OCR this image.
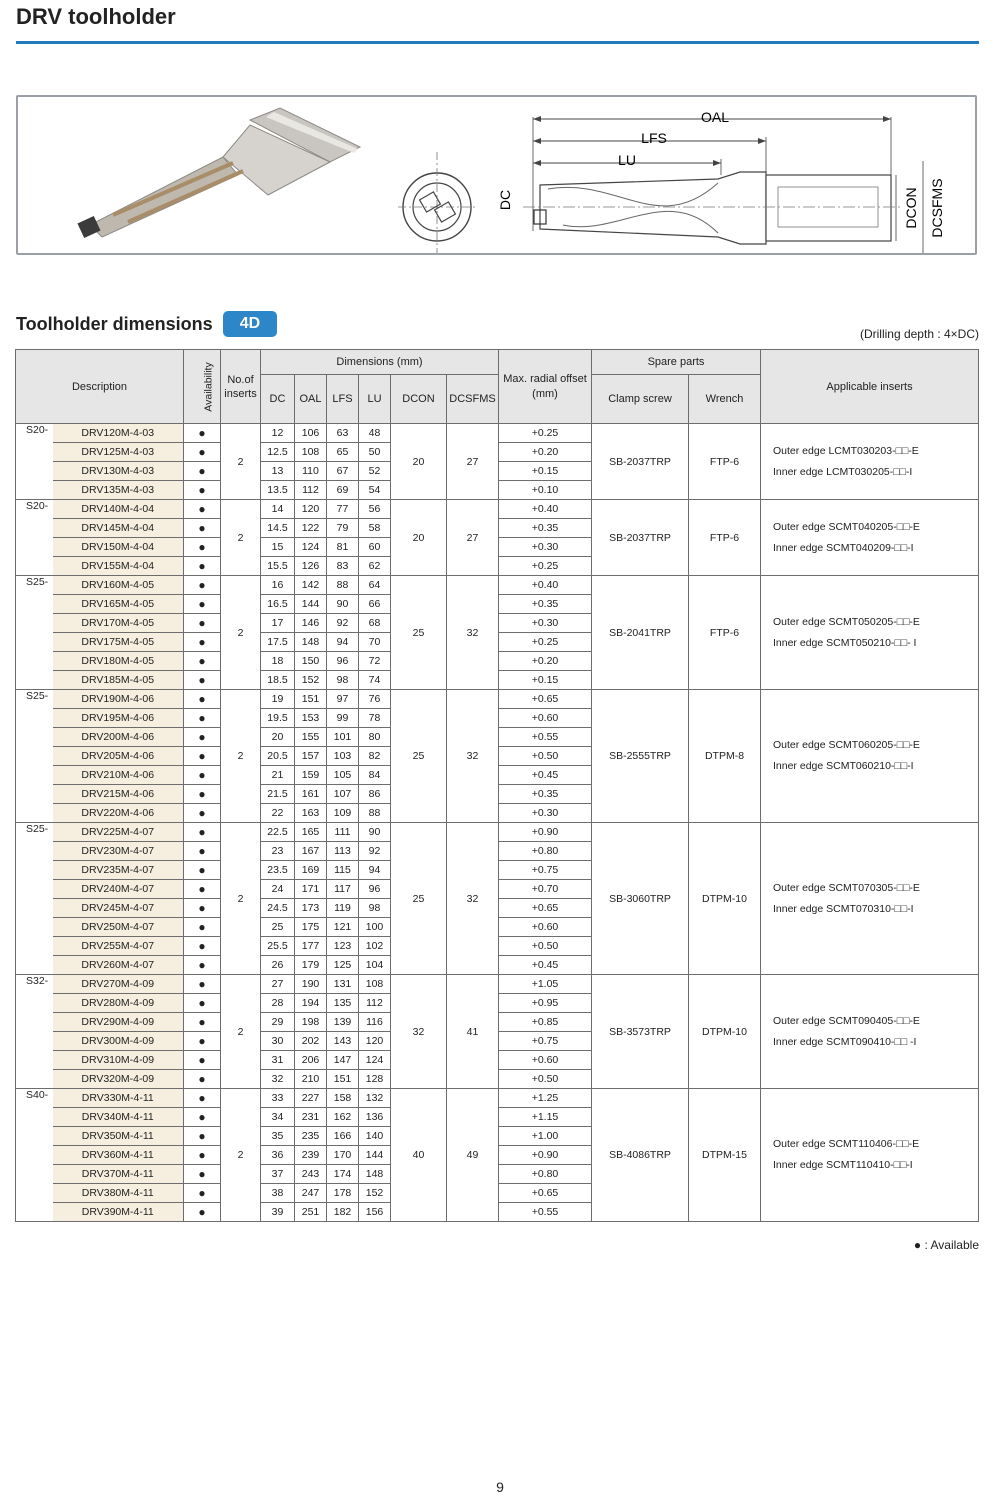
DRV toolholder
OAL
LFS
LU
DC	DCON DCSFMS
Toolholder dimensions	4D
(Drilling depth : 4×DC)
Description		Availability	No.of inserts	Dimensions (mm)						Max. radial offset (mm)	Spare parts		Applicable inserts
				DC	OAL	LFS	LU	DCON	DCSFMS		Clamp screw	Wrench	
S20-	DRV120M-4-03	●	2	12	106	63	48	20	27	+0.25	SB-2037TRP	FTP-6	Outer edge LCMT030203-□□-E
Inner edge LCMT030205-□□-I

	DRV125M-4-03	●		12.5	108	65	50			+0.20			
	DRV130M-4-03	●		13	110	67	52			+0.15			
	DRV135M-4-03	●		13.5	112	69	54			+0.10			
S20-	DRV140M-4-04	●	2	14	120	77	56	20	27	+0.40	SB-2037TRP	FTP-6	Outer edge SCMT040205-□□-E
Inner edge SCMT040209-□□-I

	DRV145M-4-04	●		14.5	122	79	58			+0.35			
	DRV150M-4-04	●		15	124	81	60			+0.30			
	DRV155M-4-04	●		15.5	126	83	62			+0.25			
S25-	DRV160M-4-05	●	2	16	142	88	64	25	32	+0.40	SB-2041TRP	FTP-6	Outer edge SCMT050205-□□-E
Inner edge SCMT050210-□□- I

	DRV165M-4-05	●		16.5	144	90	66			+0.35			
	DRV170M-4-05	●		17	146	92	68			+0.30			
	DRV175M-4-05	●		17.5	148	94	70			+0.25			
	DRV180M-4-05	●		18	150	96	72			+0.20			
	DRV185M-4-05	●		18.5	152	98	74			+0.15			
S25-	DRV190M-4-06	●	2	19	151	97	76	25	32	+0.65	SB-2555TRP	DTPM-8	Outer edge SCMT060205-□□-E
Inner edge SCMT060210-□□-I

	DRV195M-4-06	●		19.5	153	99	78			+0.60			
	DRV200M-4-06	●		20	155	101	80			+0.55			
	DRV205M-4-06	●		20.5	157	103	82			+0.50			
	DRV210M-4-06	●		21	159	105	84			+0.45			
	DRV215M-4-06	●		21.5	161	107	86			+0.35			
	DRV220M-4-06	●		22	163	109	88			+0.30			
S25-	DRV225M-4-07	●	2	22.5	165	111	90	25	32	+0.90	SB-3060TRP	DTPM-10	Outer edge SCMT070305-□□-E
Inner edge SCMT070310-□□-I

	DRV230M-4-07	●		23	167	113	92			+0.80			
	DRV235M-4-07	●		23.5	169	115	94			+0.75			
	DRV240M-4-07	●		24	171	117	96			+0.70			
	DRV245M-4-07	●		24.5	173	119	98			+0.65			
	DRV250M-4-07	●		25	175	121	100			+0.60			
	DRV255M-4-07	●		25.5	177	123	102			+0.50			
	DRV260M-4-07	●		26	179	125	104			+0.45			
S32-	DRV270M-4-09	●	2	27	190	131	108	32	41	+1.05	SB-3573TRP	DTPM-10	Outer edge SCMT090405-□□-E
Inner edge SCMT090410-□□ -I

	DRV280M-4-09	●		28	194	135	112			+0.95			
	DRV290M-4-09	●		29	198	139	116			+0.85			
	DRV300M-4-09	●		30	202	143	120			+0.75			
	DRV310M-4-09	●		31	206	147	124			+0.60			
	DRV320M-4-09	●		32	210	151	128			+0.50			
S40-	DRV330M-4-11	●	2	33	227	158	132	40	49	+1.25	SB-4086TRP	DTPM-15	Outer edge SCMT110406-□□-E
Inner edge SCMT110410-□□-I

	DRV340M-4-11	●		34	231	162	136			+1.15			
	DRV350M-4-11	●		35	235	166	140			+1.00			
	DRV360M-4-11	●		36	239	170	144			+0.90			
	DRV370M-4-11	●		37	243	174	148			+0.80			
	DRV380M-4-11	●		38	247	178	152			+0.65			
	DRV390M-4-11	●		39	251	182	156			+0.55			
● : Available
9
